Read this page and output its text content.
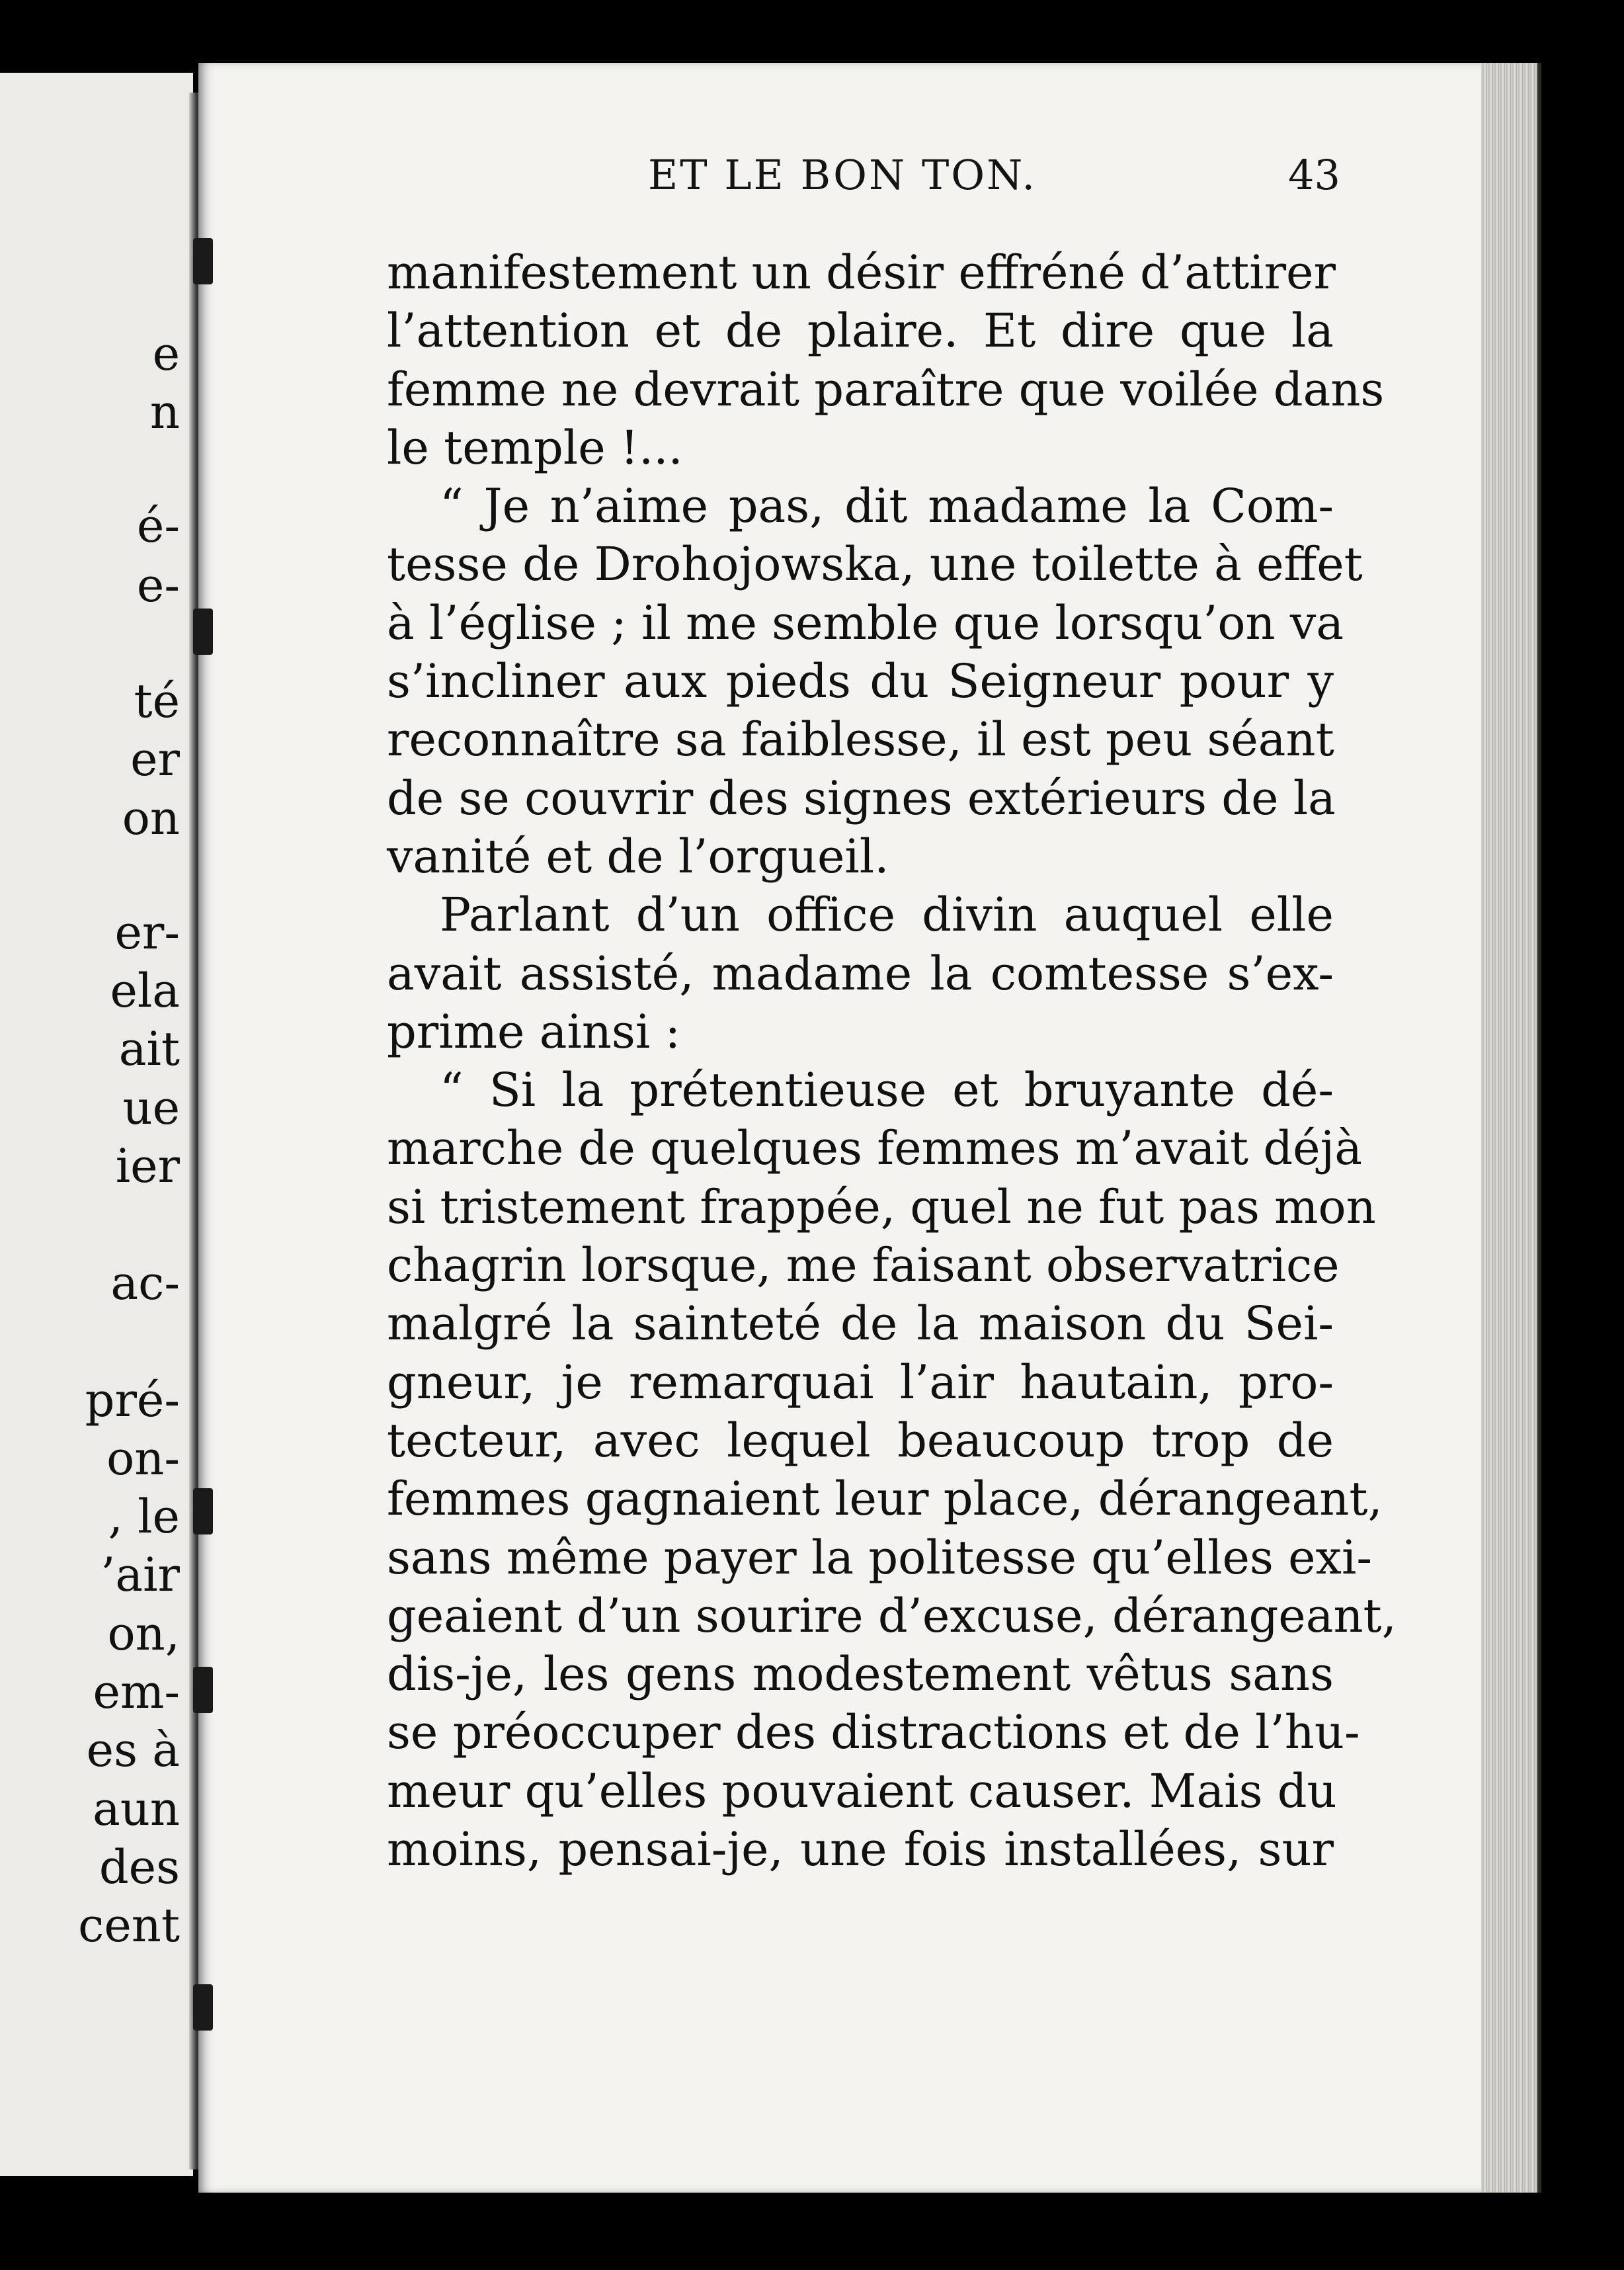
e
n
é-
e-
té
er
on
er-
ela
ait
ue
ier
ac-
pré-
on-
, le
’air
on,
em-
es à
aun
des
cent
ET LE BON TON.	43
manifestement un désir effréné d’attirer
l’attention et de plaire. Et dire que la
femme ne devrait paraître que voilée dans
le temple !...
“ Je n’aime pas, dit madame la Com-
tesse de Drohojowska, une toilette à effet
à l’église ; il me semble que lorsqu’on va
s’incliner aux pieds du Seigneur pour y
reconnaître sa faiblesse, il est peu séant
de se couvrir des signes extérieurs de la
vanité et de l’orgueil.
Parlant d’un office divin auquel elle
avait assisté, madame la comtesse s’ex-
prime ainsi :
“ Si la prétentieuse et bruyante dé-
marche de quelques femmes m’avait déjà
si tristement frappée, quel ne fut pas mon
chagrin lorsque, me faisant observatrice
malgré la sainteté de la maison du Sei-
gneur, je remarquai l’air hautain, pro-
tecteur, avec lequel beaucoup trop de
femmes gagnaient leur place, dérangeant,
sans même payer la politesse qu’elles exi-
geaient d’un sourire d’excuse, dérangeant,
dis-je, les gens modestement vêtus sans
se préoccuper des distractions et de l’hu-
meur qu’elles pouvaient causer. Mais du
moins, pensai-je, une fois installées, sur
